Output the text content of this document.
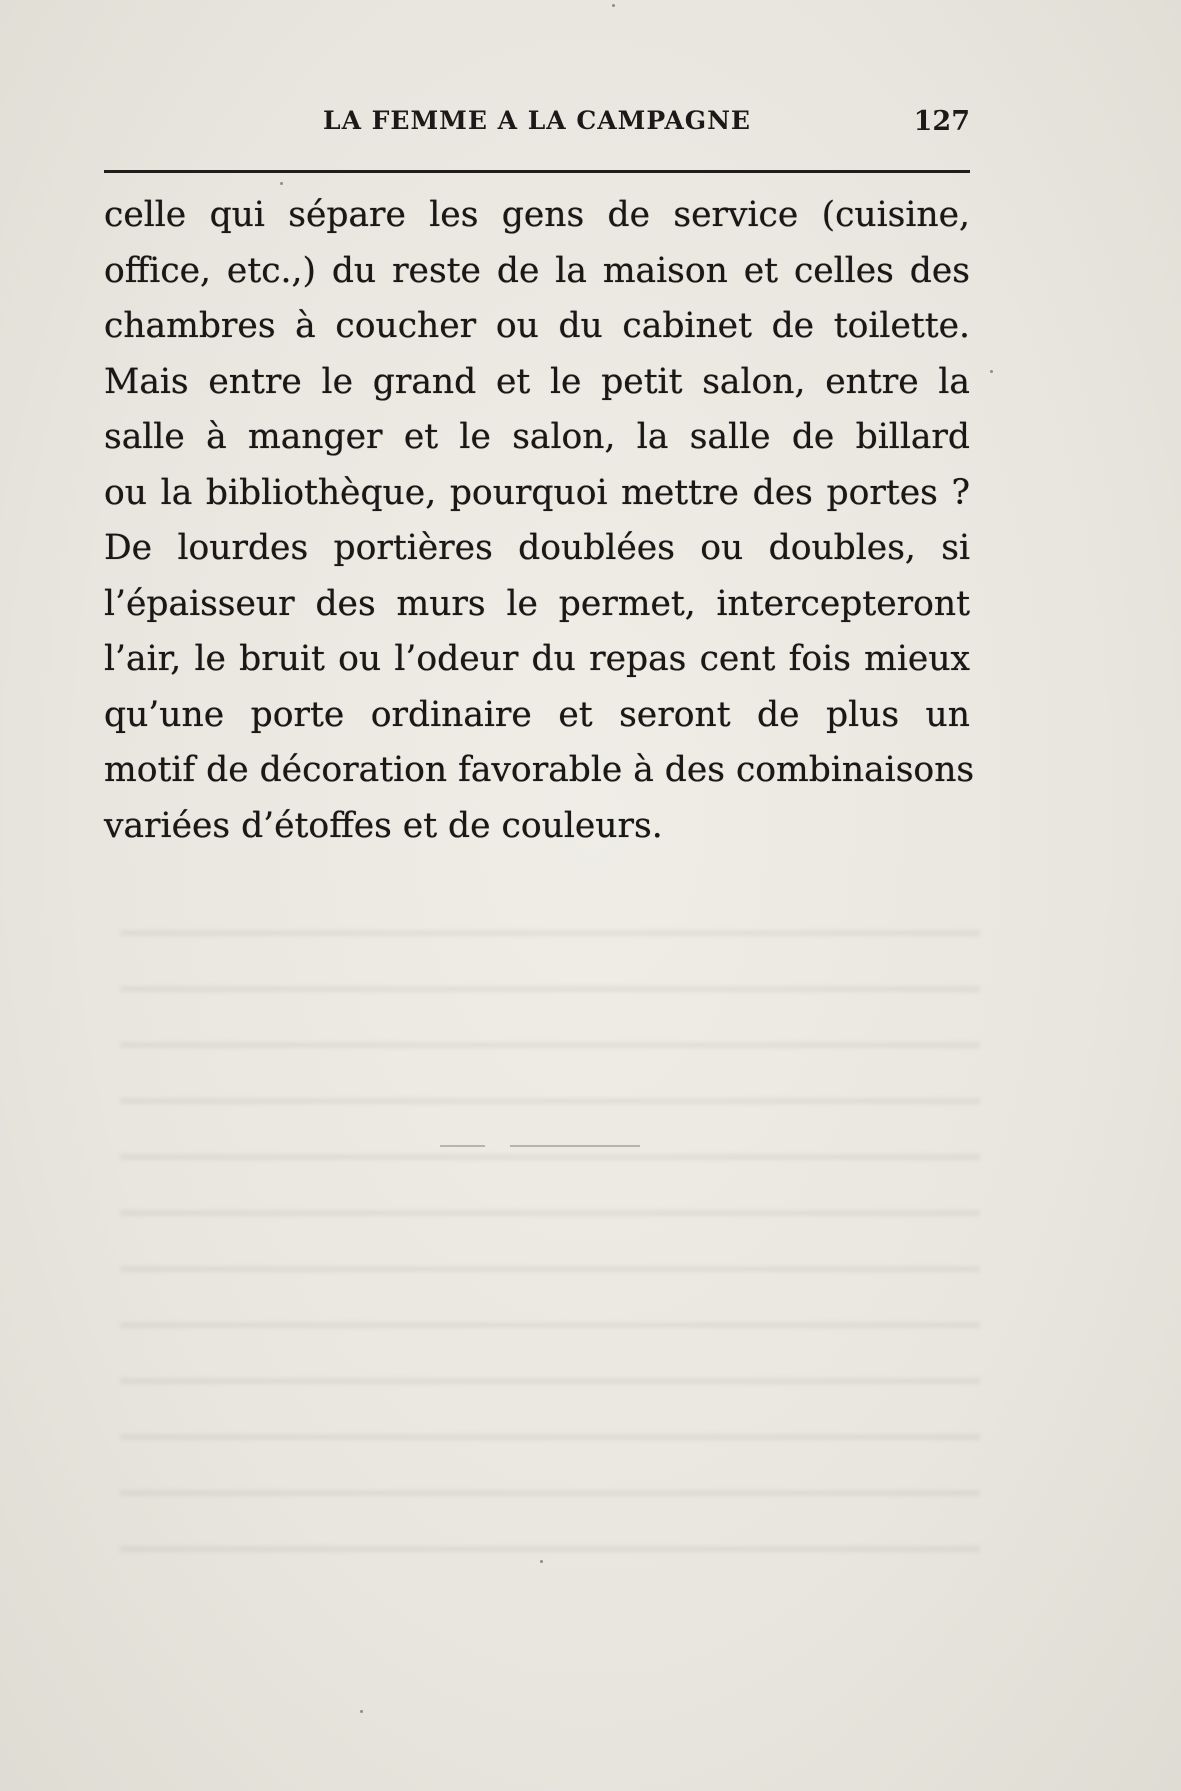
LA FEMME A LA CAMPAGNE	127
celle qui sépare les gens de service (cuisine,
office, etc.,) du reste de la maison et celles des
chambres à coucher ou du cabinet de toilette.
Mais entre le grand et le petit salon, entre la
salle à manger et le salon, la salle de billard
ou la bibliothèque, pourquoi mettre des portes ?
De lourdes portières doublées ou doubles, si
l’épaisseur des murs le permet, intercepteront
l’air, le bruit ou l’odeur du repas cent fois mieux
qu’une porte ordinaire et seront de plus un
motif de décoration favorable à des combinaisons
variées d’étoffes et de couleurs.
